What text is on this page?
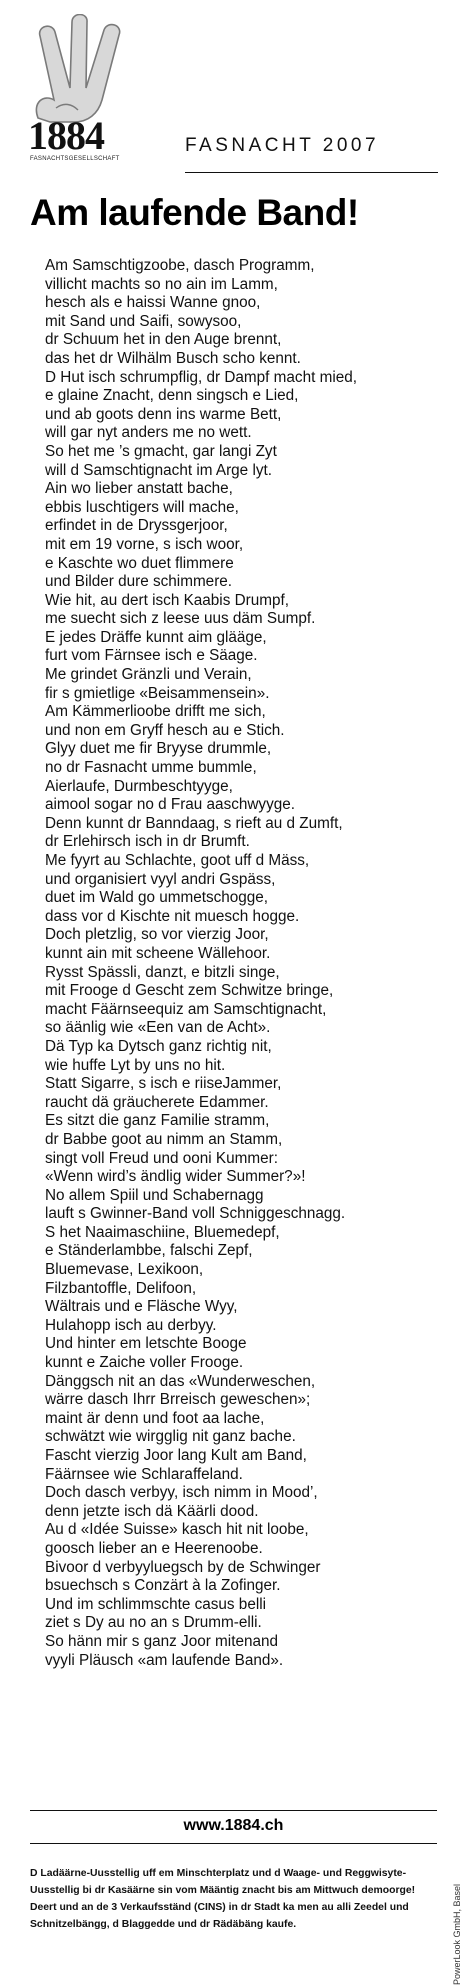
1884
FASNACHTSGESELLSCHAFT
FASNACHT 2007
Am laufende Band!
Am Samschtigzoobe, dasch Programm,
villicht machts so no ain im Lamm,
hesch als e haissi Wanne gnoo,
mit Sand und Saifi, sowysoo,
dr Schuum het in den Auge brennt,
das het dr Wilhälm Busch scho kennt.
D Hut isch schrumpflig, dr Dampf macht mied,
e glaine Znacht, denn singsch e Lied,
und ab goots denn ins warme Bett,
will gar nyt anders me no wett.
So het me ’s gmacht, gar langi Zyt
will d Samschtignacht im Arge lyt.
Ain wo lieber anstatt bache,
ebbis luschtigers will mache,
erfindet in de Dryssgerjoor,
mit em 19 vorne, s isch woor,
e Kaschte wo duet flimmere
und Bilder dure schimmere.
Wie hit, au dert isch Kaabis Drumpf,
me suecht sich z leese uus däm Sumpf.
E jedes Dräffe kunnt aim glääge,
furt vom Färnsee isch e Säage.
Me grindet Gränzli und Verain,
fir s gmietlige «Beisammensein».
Am Kämmerlioobe drifft me sich,
und non em Gryff hesch au e Stich.
Glyy duet me fir Bryyse drummle,
no dr Fasnacht umme bummle,
Aierlaufe, Durmbeschtyyge,
aimool sogar no d Frau aaschwyyge.
Denn kunnt dr Banndaag, s rieft au d Zumft,
dr Erlehirsch isch in dr Brumft.
Me fyyrt au Schlachte, goot uff d Mäss,
und organisiert vyyl andri Gspäss,
duet im Wald go ummetschogge,
dass vor d Kischte nit muesch hogge.
Doch pletzlig, so vor vierzig Joor,
kunnt ain mit scheene Wällehoor.
Rysst Spässli, danzt, e bitzli singe,
mit Frooge d Gescht zem Schwitze bringe,
macht Fäärnseequiz am Samschtignacht,
so äänlig wie «Een van de Acht».
Dä Typ ka Dytsch ganz richtig nit,
wie huffe Lyt by uns no hit.
Statt Sigarre, s isch e riiseJammer,
raucht dä gräucherete Edammer.
Es sitzt die ganz Familie stramm,
dr Babbe goot au nimm an Stamm,
singt voll Freud und ooni Kummer:
«Wenn wird’s ändlig wider Summer?»!
No allem Spiil und Schabernagg
lauft s Gwinner-Band voll Schniggeschnagg.
S het Naaimaschiine, Bluemedepf,
e Ständerlambbe, falschi Zepf,
Bluemevase, Lexikoon,
Filzbantoffle, Delifoon,
Wältrais und e Fläsche Wyy,
Hulahopp isch au derbyy.
Und hinter em letschte Booge
kunnt e Zaiche voller Frooge.
Dänggsch nit an das «Wunderweschen,
wärre dasch Ihrr Brreisch geweschen»;
maint är denn und foot aa lache,
schwätzt wie wirgglig nit ganz bache.
Fascht vierzig Joor lang Kult am Band,
Fäärnsee wie Schlaraffeland.
Doch dasch verbyy, isch nimm in Mood’,
denn jetzte isch dä Käärli dood.
Au d «Idée Suisse» kasch hit nit loobe,
goosch lieber an e Heerenoobe.
Bivoor d verbyyluegsch by de Schwinger
bsuechsch s Conzärt à la Zofinger.
Und im schlimmschte casus belli
ziet s Dy au no an s Drumm-elli.
So hänn mir s ganz Joor mitenand
vyyli Pläusch «am laufende Band».
www.1884.ch
D Ladäärne-Uusstellig uff em Minschterplatz und d Waage- und Reggwisyte-Uusstellig bi dr Kasäärne sin vom Määntig znacht bis am Mittwuch demoorge! Deert und an de 3 Verkaufsständ (CINS) in dr Stadt ka men au alli Zeedel und Schnitzelbängg, d Blaggedde und dr Rädäbäng kaufe.	PowerLook GmbH, Basel
